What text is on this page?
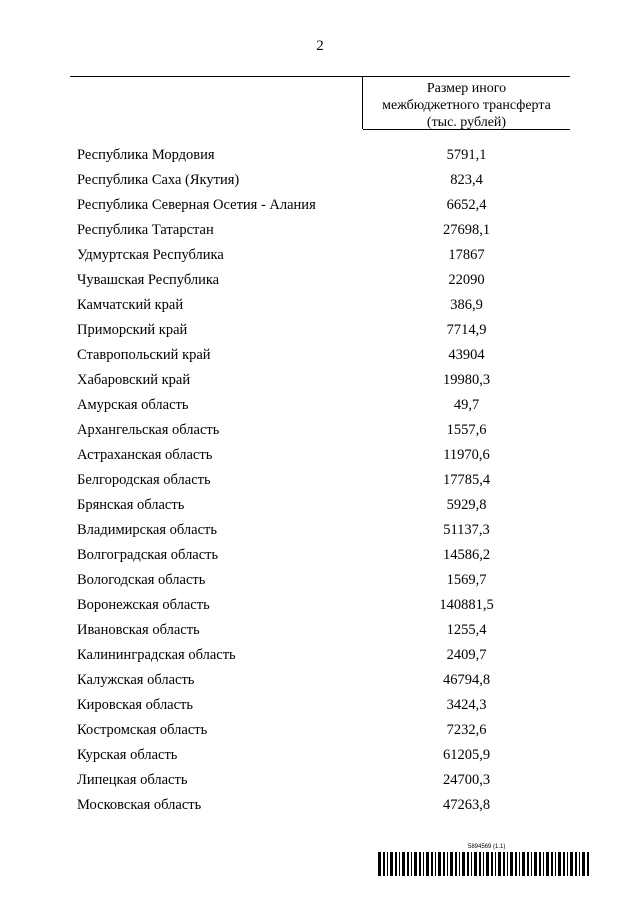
2
Размер иного
межбюджетного трансферта
(тыс. рублей)
Республика Мордовия	5791,1
Республика Саха (Якутия)	823,4
Республика Северная Осетия - Алания	6652,4
Республика Татарстан	27698,1
Удмуртская Республика	17867
Чувашская Республика	22090
Камчатский край	386,9
Приморский край	7714,9
Ставропольский край	43904
Хабаровский край	19980,3
Амурская область	49,7
Архангельская область	1557,6
Астраханская область	11970,6
Белгородская область	17785,4
Брянская область	5929,8
Владимирская область	51137,3
Волгоградская область	14586,2
Вологодская область	1569,7
Воронежская область	140881,5
Ивановская область	1255,4
Калининградская область	2409,7
Калужская область	46794,8
Кировская область	3424,3
Костромская область	7232,6
Курская область	61205,9
Липецкая область	24700,3
Московская область	47263,8
5894569 (1.1)
